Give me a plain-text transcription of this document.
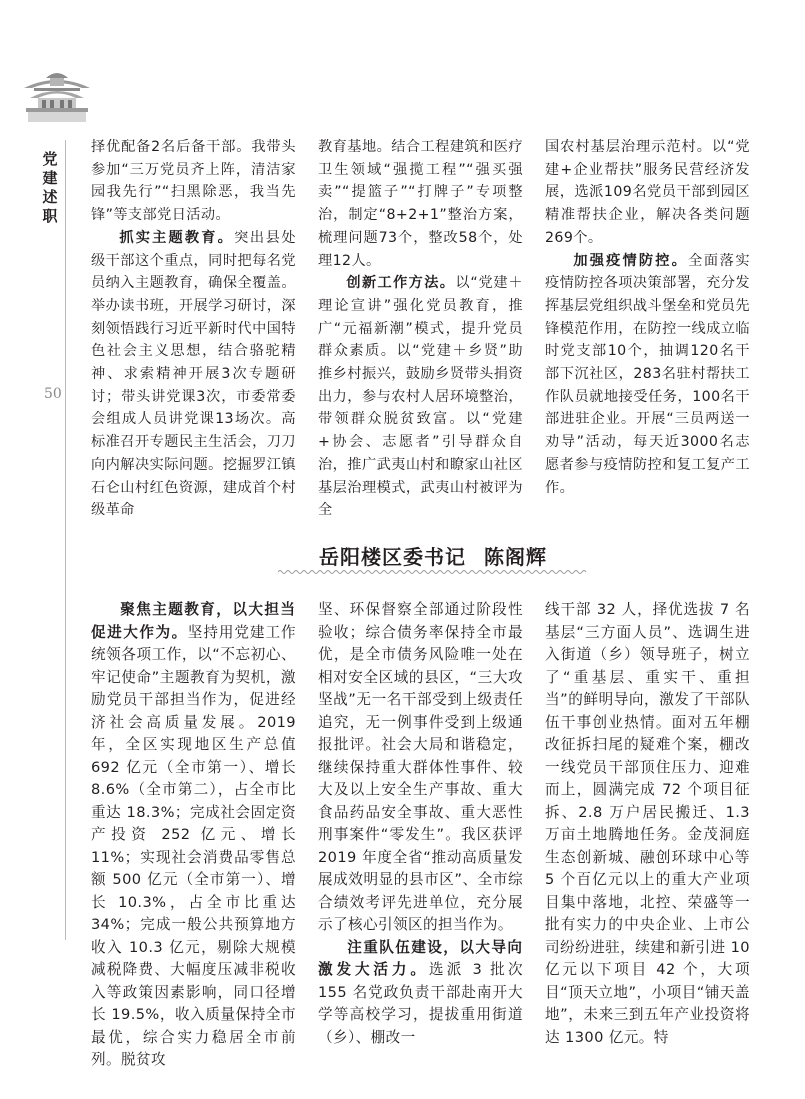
党建述职
50

择优配备2名后备干部。我带头参加“三万党员齐上阵，清洁家园我先行”“扫黑除恶，我当先锋”等支部党日活动。

抓实主题教育。突出县处级干部这个重点，同时把每名党员纳入主题教育，确保全覆盖。举办读书班，开展学习研讨，深刻领悟践行习近平新时代中国特色社会主义思想，结合骆驼精神、求索精神开展3次专题研讨；带头讲党课3次，市委常委会组成人员讲党课13场次。高标准召开专题民主生活会，刀刀向内解决实际问题。挖掘罗江镇石仑山村红色资源，建成首个村级革命

教育基地。结合工程建筑和医疗卫生领域“强揽工程”“强买强卖”“提篮子”“打牌子”专项整治，制定“8+2+1”整治方案，梳理问题73个，整改58个，处理12人。

创新工作方法。以“党建＋理论宣讲”强化党员教育，推广“元福新潮”模式，提升党员群众素质。以“党建＋乡贤”助推乡村振兴，鼓励乡贤带头捐资出力，参与农村人居环境整治，带领群众脱贫致富。以“党建+协会、志愿者”引导群众自治，推广武夷山村和瞭家山社区基层治理模式，武夷山村被评为全

国农村基层治理示范村。以“党建+企业帮扶”服务民营经济发展，选派109名党员干部到园区精准帮扶企业，解决各类问题269个。

加强疫情防控。全面落实疫情防控各项决策部署，充分发挥基层党组织战斗堡垒和党员先锋模范作用，在防控一线成立临时党支部10个，抽调120名干部下沉社区，283名驻村帮扶工作队员就地接受任务，100名干部进驻企业。开展“三员两送一劝导”活动，每天近3000名志愿者参与疫情防控和复工复产工作。

岳阳楼区委书记 陈阁辉

聚焦主题教育，以大担当促进大作为。坚持用党建工作统领各项工作，以“不忘初心、牢记使命”主题教育为契机，激励党员干部担当作为，促进经济社会高质量发展。2019 年，全区实现地区生产总值 692 亿元（全市第一）、增长 8.6%（全市第二），占全市比重达 18.3%；完成社会固定资产投资 252 亿元、增长 11%；实现社会消费品零售总额 500 亿元（全市第一）、增长 10.3%，占全市比重达 34%；完成一般公共预算地方收入 10.3 亿元，剔除大规模减税降费、大幅度压减非税收入等政策因素影响，同口径增长 19.5%，收入质量保持全市最优，综合实力稳居全市前列。脱贫攻

坚、环保督察全部通过阶段性验收；综合债务率保持全市最优，是全市债务风险唯一处在相对安全区域的县区，“三大攻坚战”无一名干部受到上级责任追究，无一例事件受到上级通报批评。社会大局和谐稳定，继续保持重大群体性事件、较大及以上安全生产事故、重大食品药品安全事故、重大恶性刑事案件“零发生”。我区获评 2019 年度全省“推动高质量发展成效明显的县市区”、全市综合绩效考评先进单位，充分展示了核心引领区的担当作为。

注重队伍建设，以大导向激发大活力。选派 3 批次 155 名党政负责干部赴南开大学等高校学习，提拔重用街道（乡）、棚改一

线干部 32 人，择优选拔 7 名基层“三方面人员”、选调生进入街道（乡）领导班子，树立了“重基层、重实干、重担当”的鲜明导向，激发了干部队伍干事创业热情。面对五年棚改征拆扫尾的疑难个案，棚改一线党员干部顶住压力、迎难而上，圆满完成 72 个项目征拆、2.8 万户居民搬迁、1.3 万亩土地腾地任务。金茂洞庭生态创新城、融创环球中心等 5 个百亿元以上的重大产业项目集中落地，北控、荣盛等一批有实力的中央企业、上市公司纷纷进驻，续建和新引进 10 亿元以下项目 42 个，大项目“顶天立地”，小项目“铺天盖地”，未来三到五年产业投资将达 1300 亿元。特
